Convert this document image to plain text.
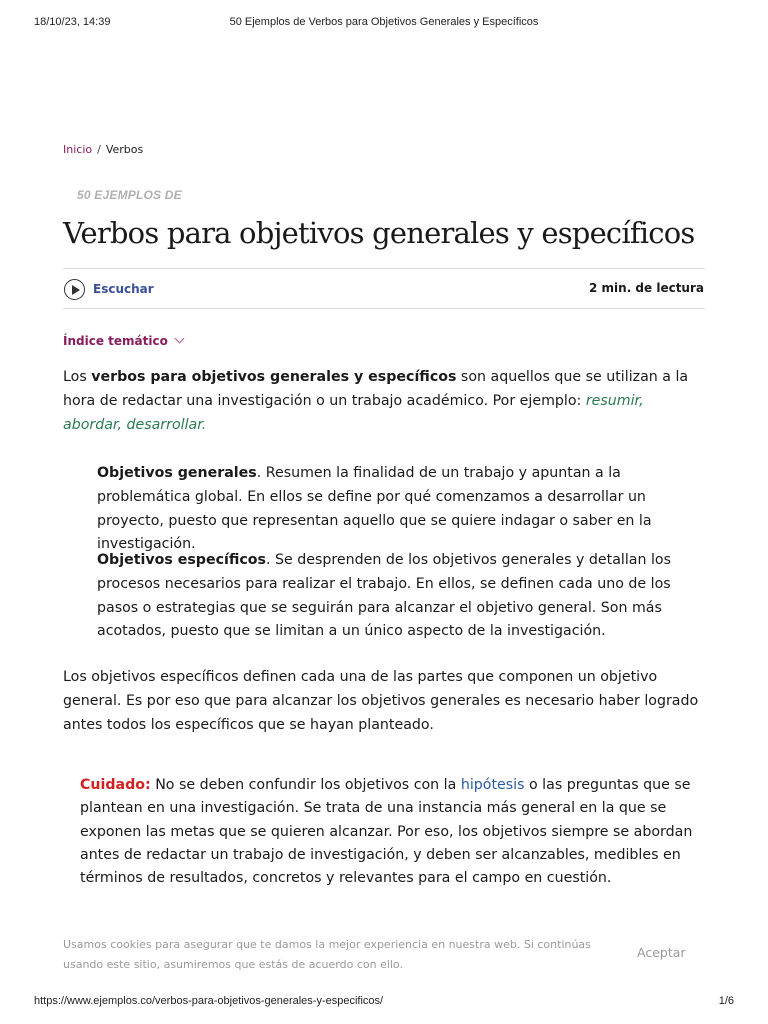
18/10/23, 14:39	50 Ejemplos de Verbos para Objetivos Generales y Específicos
Inicio / Verbos
50 EJEMPLOS DE
Verbos para objetivos generales y específicos
Escuchar	2 min. de lectura
Índice temático

Los verbos para objetivos generales y específicos son aquellos que se utilizan a la hora de redactar una investigación o un trabajo académico. Por ejemplo: resumir, abordar, desarrollar.

Objetivos generales. Resumen la finalidad de un trabajo y apuntan a la problemática global. En ellos se define por qué comenzamos a desarrollar un proyecto, puesto que representan aquello que se quiere indagar o saber en la investigación.

Objetivos específicos. Se desprenden de los objetivos generales y detallan los procesos necesarios para realizar el trabajo. En ellos, se definen cada uno de los pasos o estrategias que se seguirán para alcanzar el objetivo general. Son más acotados, puesto que se limitan a un único aspecto de la investigación.

Los objetivos específicos definen cada una de las partes que componen un objetivo general. Es por eso que para alcanzar los objetivos generales es necesario haber logrado antes todos los específicos que se hayan planteado.

Cuidado: No se deben confundir los objetivos con la hipótesis o las preguntas que se plantean en una investigación. Se trata de una instancia más general en la que se exponen las metas que se quieren alcanzar. Por eso, los objetivos siempre se abordan antes de redactar un trabajo de investigación, y deben ser alcanzables, medibles en términos de resultados, concretos y relevantes para el campo en cuestión.

Usamos cookies para asegurar que te damos la mejor experiencia en nuestra web. Si continúas usando este sitio, asumiremos que estás de acuerdo con ello.
Aceptar
https://www.ejemplos.co/verbos-para-objetivos-generales-y-especificos/	1/6
